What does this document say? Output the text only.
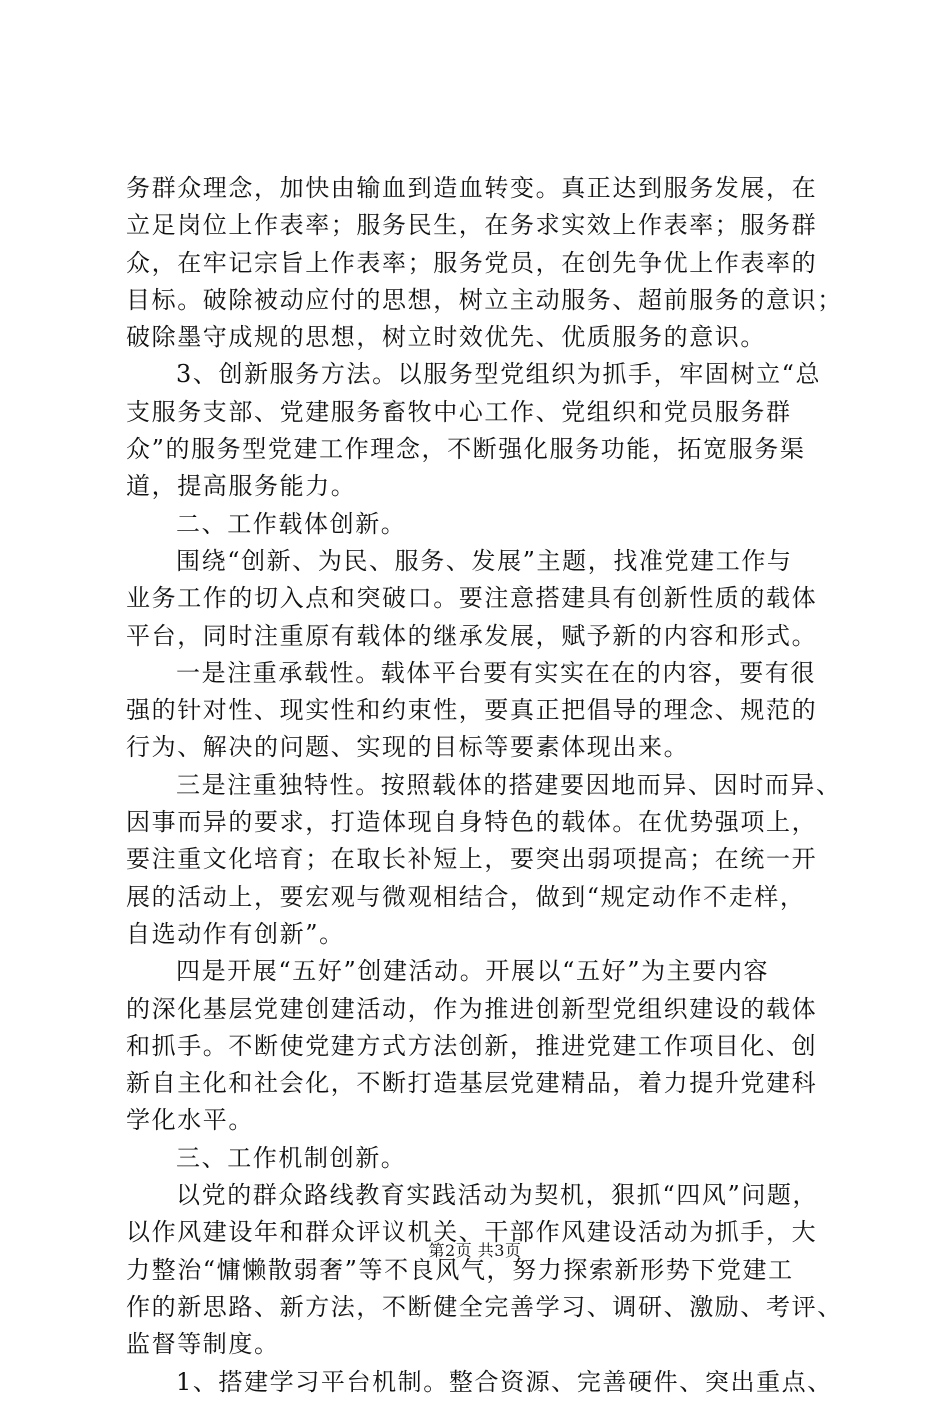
务群众理念，加快由输血到造血转变。真正达到服务发展，在
立足岗位上作表率；服务民生，在务求实效上作表率；服务群
众，在牢记宗旨上作表率；服务党员，在创先争优上作表率的
目标。破除被动应付的思想，树立主动服务、超前服务的意识；
破除墨守成规的思想，树立时效优先、优质服务的意识。
3、创新服务方法。以服务型党组织为抓手，牢固树立“总
支服务支部、党建服务畜牧中心工作、党组织和党员服务群
众”的服务型党建工作理念，不断强化服务功能，拓宽服务渠
道，提高服务能力。
二、工作载体创新。
围绕“创新、为民、服务、发展”主题，找准党建工作与
业务工作的切入点和突破口。要注意搭建具有创新性质的载体
平台，同时注重原有载体的继承发展，赋予新的内容和形式。
一是注重承载性。载体平台要有实实在在的内容，要有很
强的针对性、现实性和约束性，要真正把倡导的理念、规范的
行为、解决的问题、实现的目标等要素体现出来。
三是注重独特性。按照载体的搭建要因地而异、因时而异、
因事而异的要求，打造体现自身特色的载体。在优势强项上，
要注重文化培育；在取长补短上，要突出弱项提高；在统一开
展的活动上，要宏观与微观相结合，做到“规定动作不走样，
自选动作有创新”。
四是开展“五好”创建活动。开展以“五好”为主要内容
的深化基层党建创建活动，作为推进创新型党组织建设的载体
和抓手。不断使党建方式方法创新，推进党建工作项目化、创
新自主化和社会化，不断打造基层党建精品，着力提升党建科
学化水平。
三、工作机制创新。
以党的群众路线教育实践活动为契机，狠抓“四风”问题，
以作风建设年和群众评议机关、干部作风建设活动为抓手，大
力整治“慵懒散弱奢”等不良风气，努力探索新形势下党建工
作的新思路、新方法，不断健全完善学习、调研、激励、考评、
监督等制度。
1、搭建学习平台机制。整合资源、完善硬件、突出重点、
第2页 共3页
